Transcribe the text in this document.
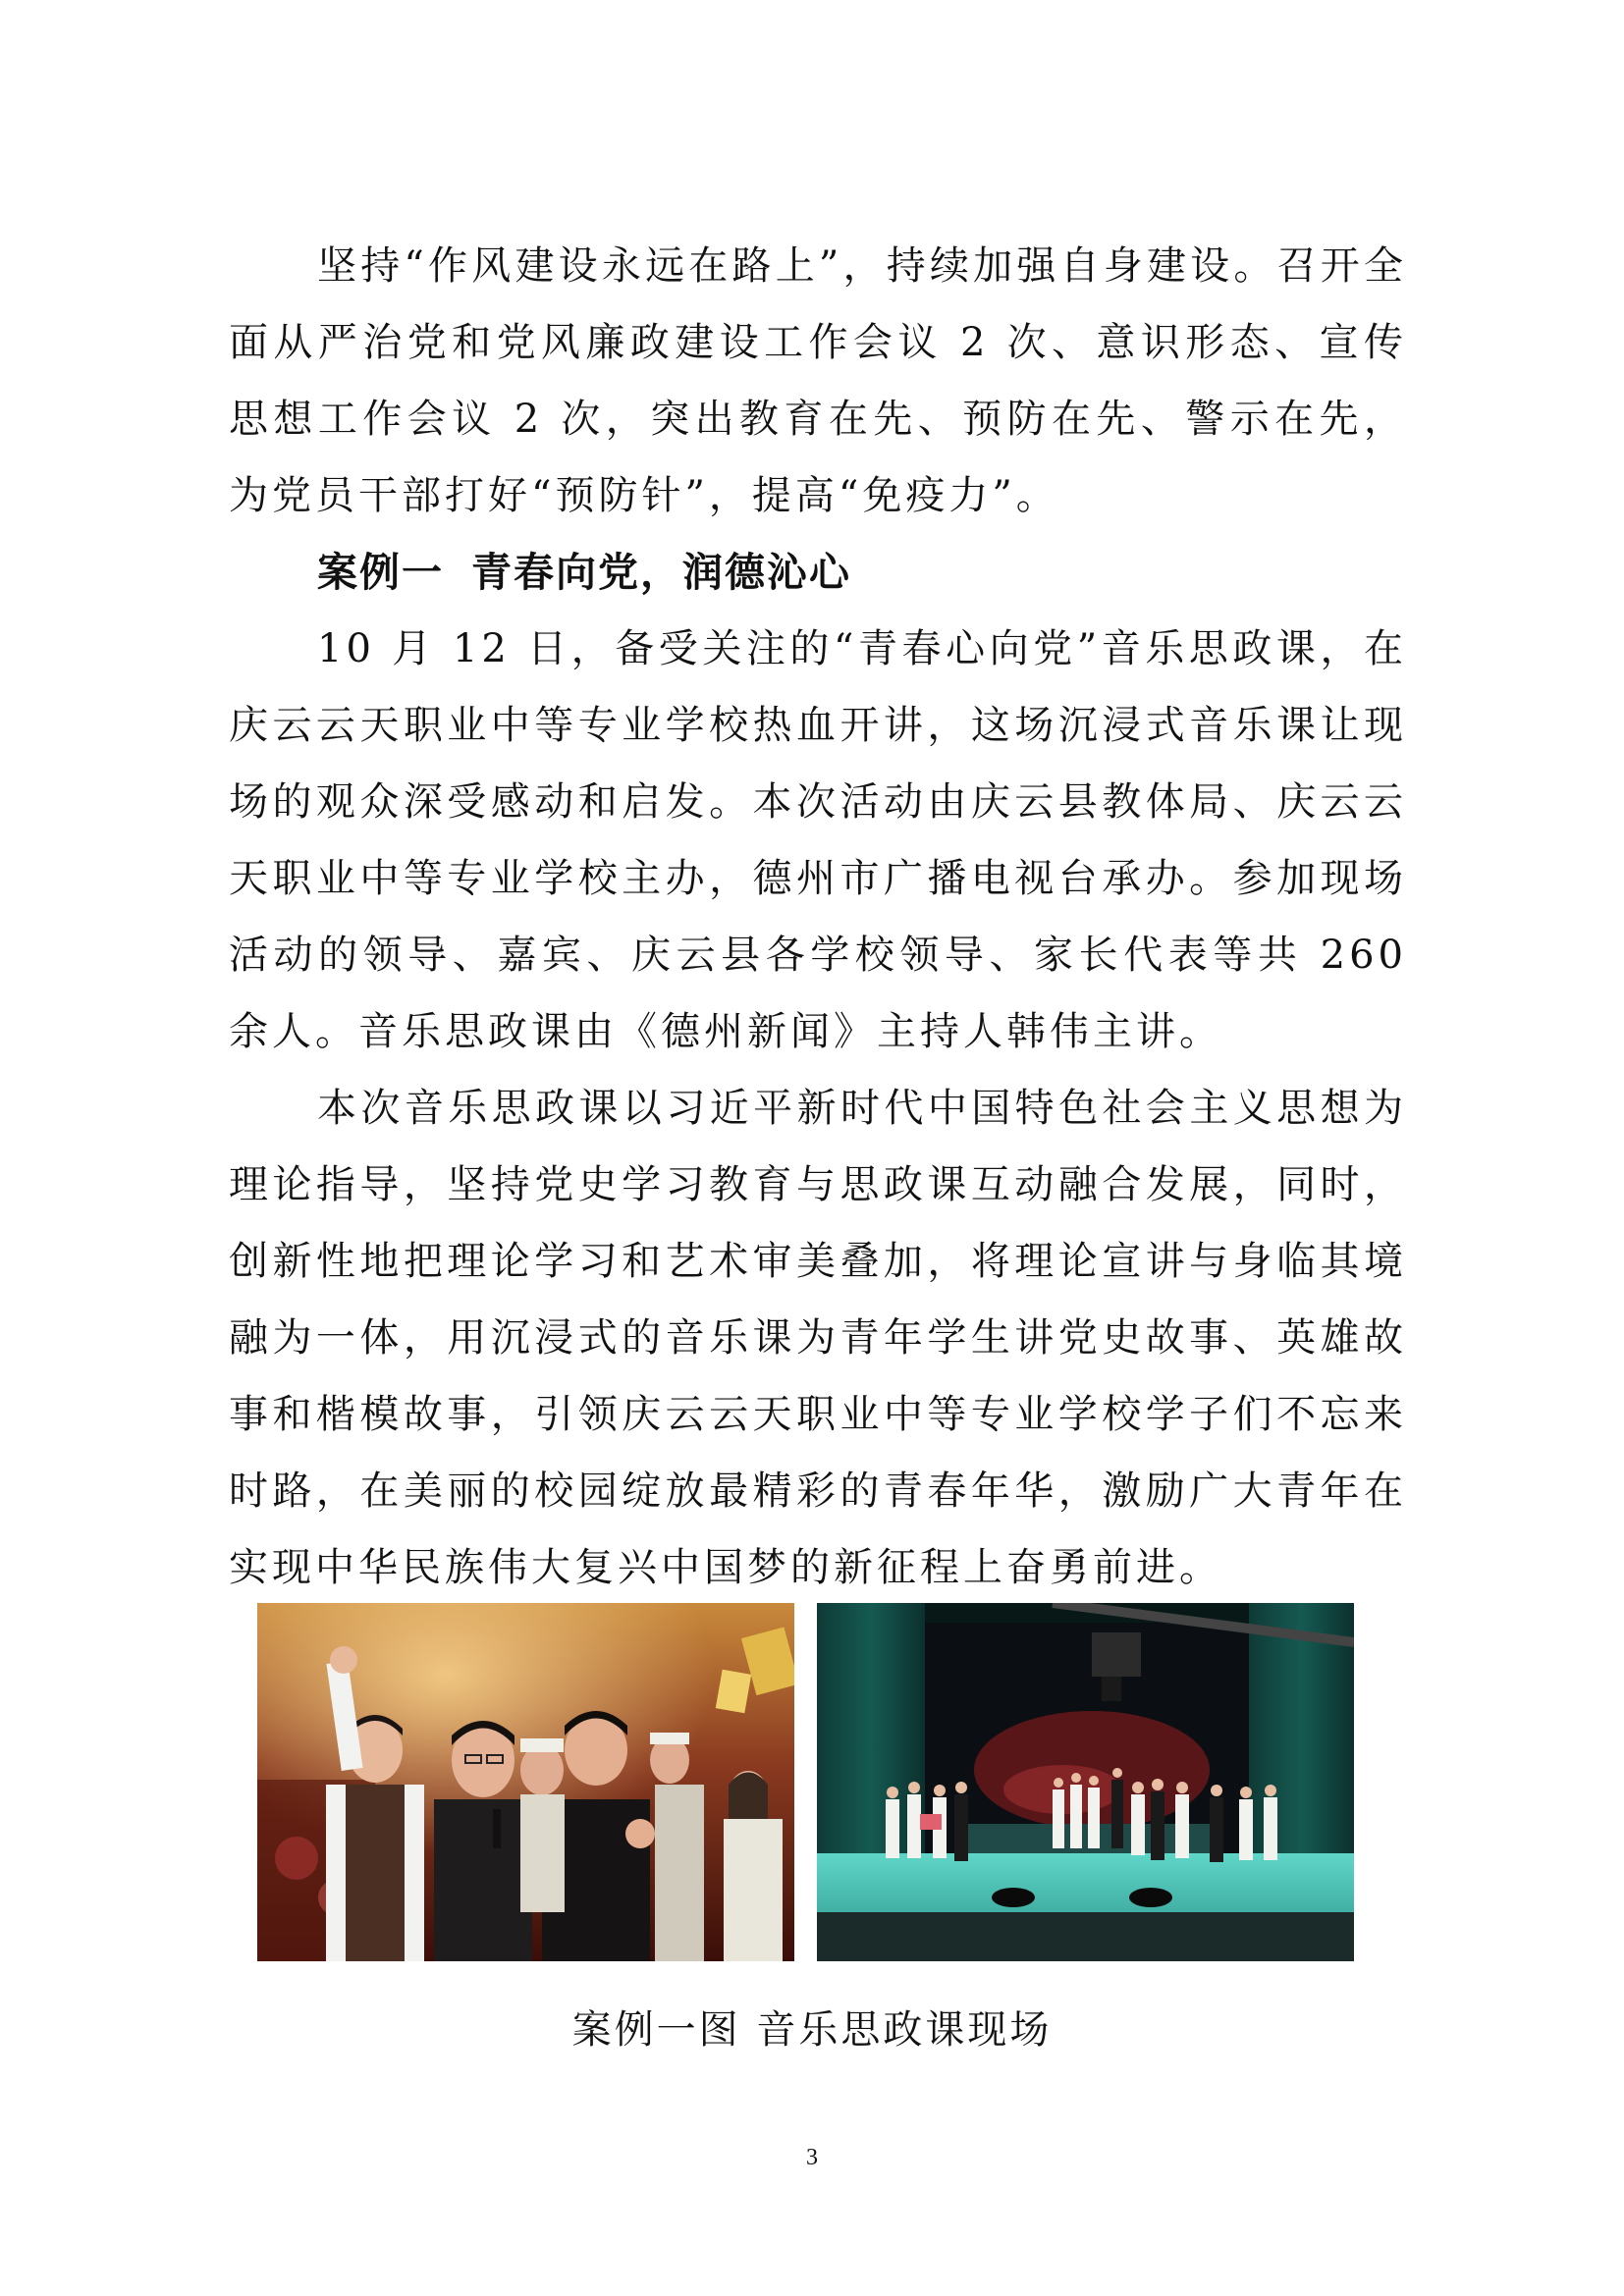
坚持“作风建设永远在路上”，持续加强自身建设。召开全面从严治党和党风廉政建设工作会议 2 次、意识形态、宣传思想工作会议 2 次，突出教育在先、预防在先、警示在先，为党员干部打好“预防针”，提高“免疫力”。

案例一 青春向党，润德沁心

10 月 12 日，备受关注的“青春心向党”音乐思政课，在庆云云天职业中等专业学校热血开讲，这场沉浸式音乐课让现场的观众深受感动和启发。本次活动由庆云县教体局、庆云云天职业中等专业学校主办，德州市广播电视台承办。参加现场活动的领导、嘉宾、庆云县各学校领导、家长代表等共 260 余人。音乐思政课由《德州新闻》主持人韩伟主讲。

本次音乐思政课以习近平新时代中国特色社会主义思想为理论指导，坚持党史学习教育与思政课互动融合发展，同时，创新性地把理论学习和艺术审美叠加，将理论宣讲与身临其境融为一体，用沉浸式的音乐课为青年学生讲党史故事、英雄故事和楷模故事，引领庆云云天职业中等专业学校学子们不忘来时路，在美丽的校园绽放最精彩的青春年华，激励广大青年在实现中华民族伟大复兴中国梦的新征程上奋勇前进。

案例一图 音乐思政课现场
3
